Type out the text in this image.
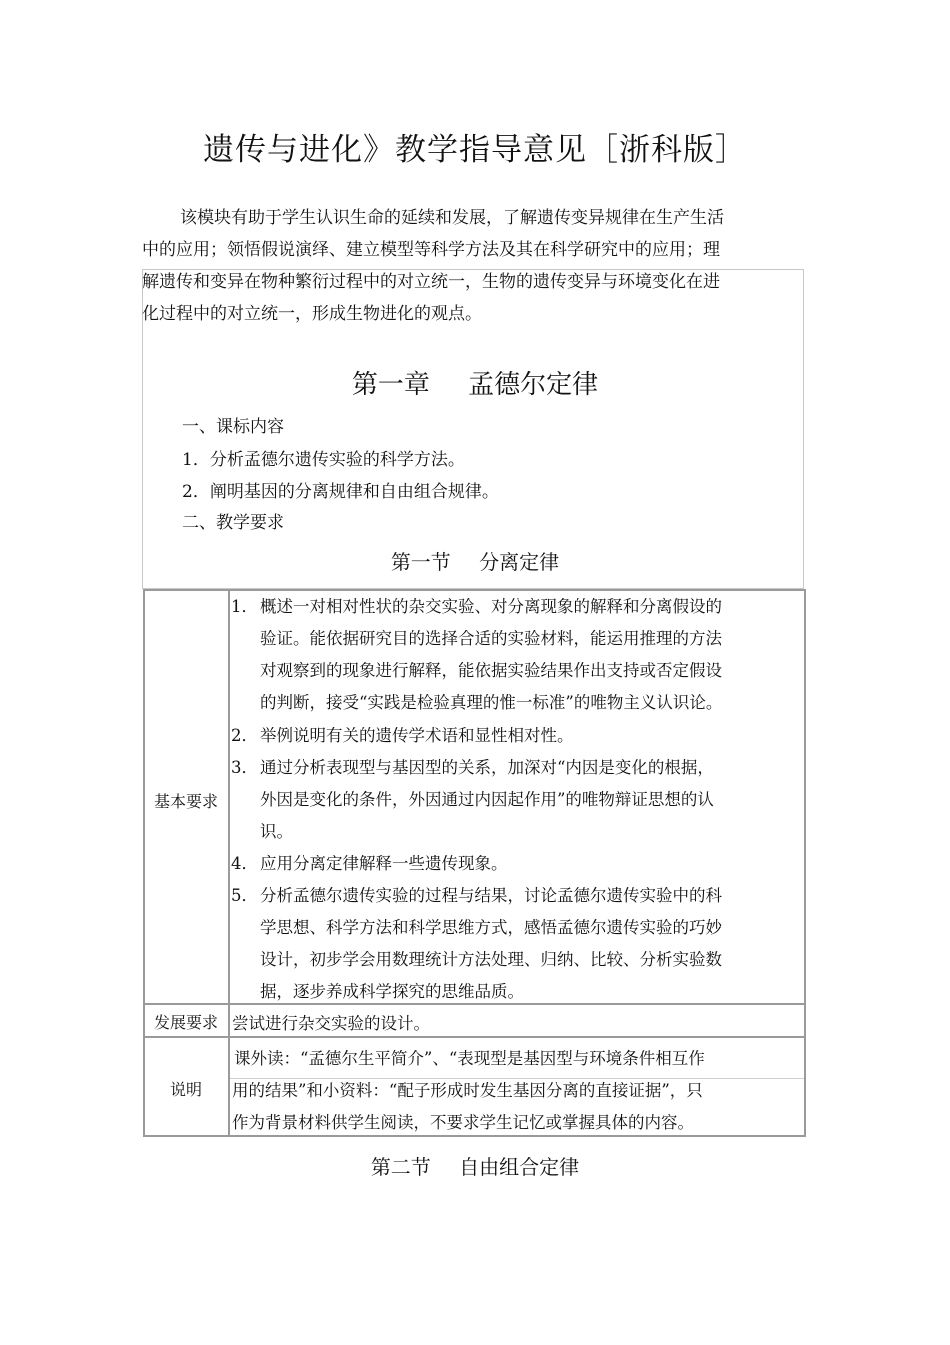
遗传与进化》教学指导意见［浙科版］
该模块有助于学生认识生命的延续和发展，了解遗传变异规律在生产生活
中的应用；领悟假说演绎、建立模型等科学方法及其在科学研究中的应用；理
解遗传和变异在物种繁衍过程中的对立统一，生物的遗传变异与环境变化在进
化过程中的对立统一，形成生物进化的观点。
第一章 孟德尔定律
一、课标内容
1．分析孟德尔遗传实验的科学方法。
2．阐明基因的分离规律和自由组合规律。
二、教学要求
第一节 分离定律
基本要求
1． 概述一对相对性状的杂交实验、对分离现象的解释和分离假设的
验证。能依据研究目的选择合适的实验材料，能运用推理的方法
对观察到的现象进行解释，能依据实验结果作出支持或否定假设
的判断，接受“实践是检验真理的惟一标准”的唯物主义认识论。
2． 举例说明有关的遗传学术语和显性相对性。
3． 通过分析表现型与基因型的关系，加深对“内因是变化的根据，
外因是变化的条件，外因通过内因起作用”的唯物辩证思想的认
识。
4． 应用分离定律解释一些遗传现象。
5． 分析孟德尔遗传实验的过程与结果，讨论孟德尔遗传实验中的科
学思想、科学方法和科学思维方式，感悟孟德尔遗传实验的巧妙
设计，初步学会用数理统计方法处理、归纳、比较、分析实验数
据，逐步养成科学探究的思维品质。
发展要求 尝试进行杂交实验的设计。
说明
课外读：“孟德尔生平简介”、“表现型是基因型与环境条件相互作
用的结果”和小资料：“配子形成时发生基因分离的直接证据”，只
作为背景材料供学生阅读，不要求学生记忆或掌握具体的内容。
第二节 自由组合定律
